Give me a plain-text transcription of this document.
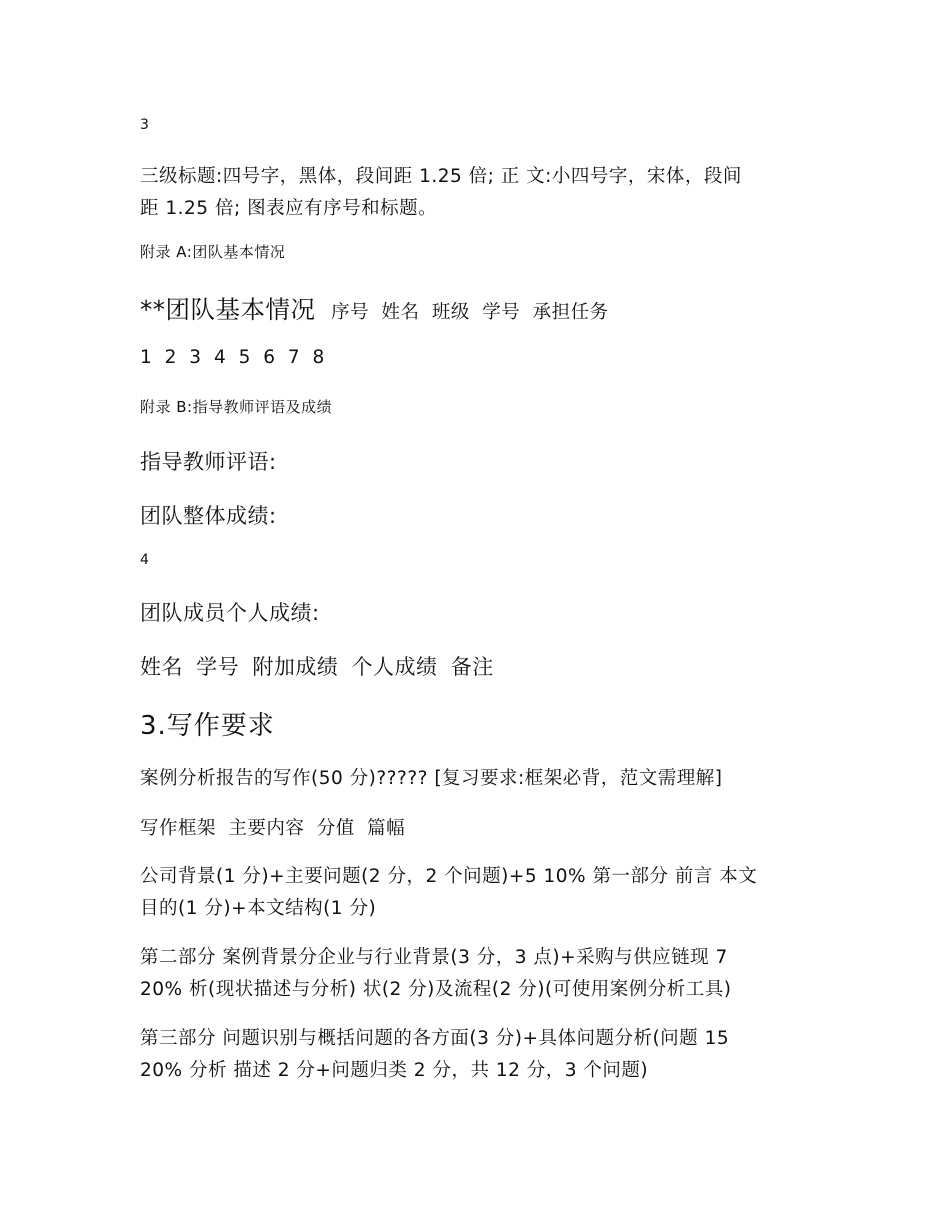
3
三级标题:四号字，黑体，段间距 1.25 倍; 正 文:小四号字，宋体，段间
距 1.25 倍; 图表应有序号和标题。
附录 A:团队基本情况
**团队基本情况 序号 姓名 班级 学号 承担任务
1 2 3 4 5 6 7 8
附录 B:指导教师评语及成绩
指导教师评语:
团队整体成绩:
4
团队成员个人成绩:
姓名 学号 附加成绩 个人成绩 备注
3.写作要求
案例分析报告的写作(50 分)????? [复习要求:框架必背，范文需理解]
写作框架 主要内容 分值 篇幅
公司背景(1 分)+主要问题(2 分，2 个问题)+5 10% 第一部分 前言 本文
目的(1 分)+本文结构(1 分)
第二部分 案例背景分企业与行业背景(3 分，3 点)+采购与供应链现 7
20% 析(现状描述与分析) 状(2 分)及流程(2 分)(可使用案例分析工具)
第三部分 问题识别与概括问题的各方面(3 分)+具体问题分析(问题 15
20% 分析 描述 2 分+问题归类 2 分，共 12 分，3 个问题)
